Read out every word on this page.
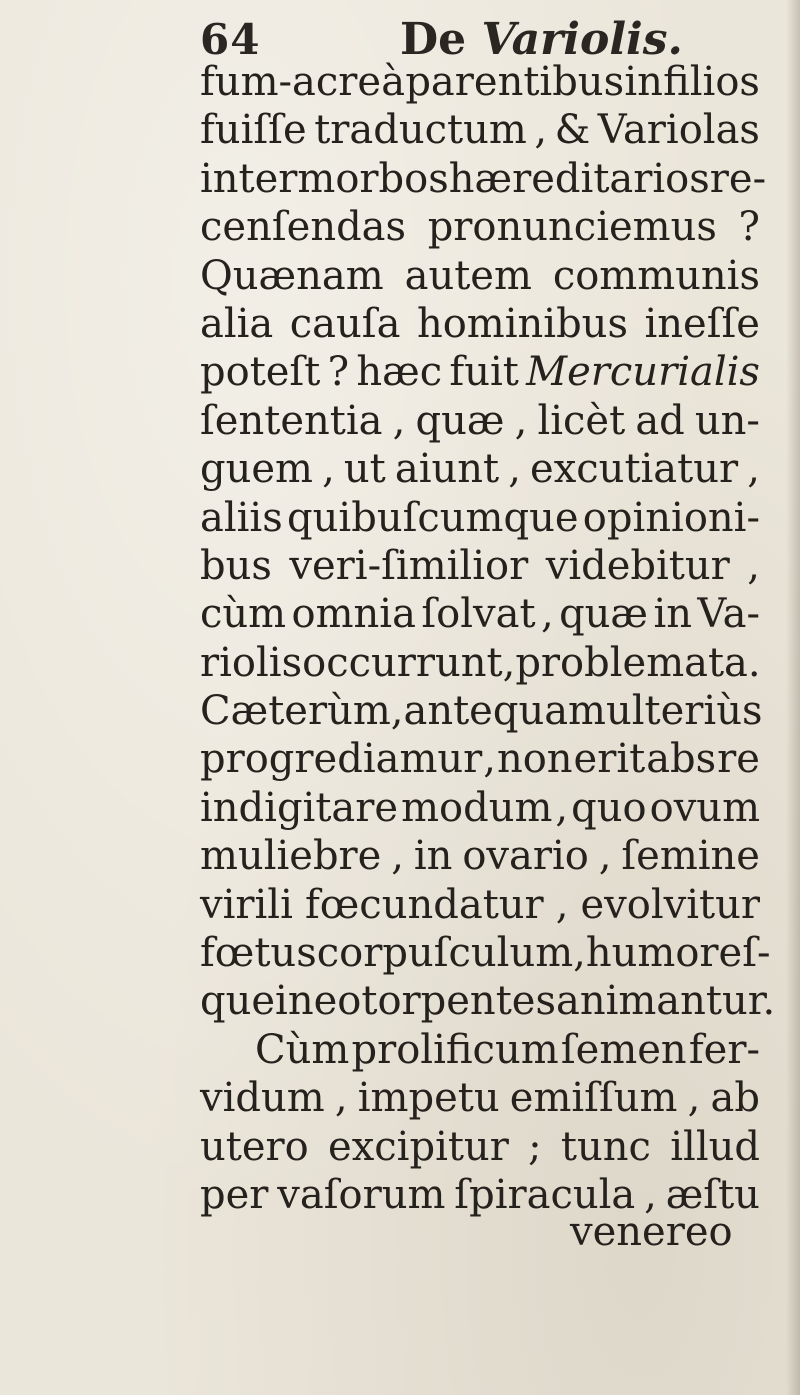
64	De Variolis.
fum-acre à parentibus in filios
fuiſſe traductum , & Variolas
inter morbos hæreditarios re-
cenſendas pronunciemus ?
Quænam autem communis
alia cauſa hominibus ineſſe
poteſt ? hæc fuit Mercurialis
ſententia , quæ , licèt ad un-
guem , ut aiunt , excutiatur ,
aliis quibuſcumque opinioni-
bus veri-ſimilior videbitur ,
cùm omnia ſolvat , quæ in Va-
riolis occurrunt , problemata.
Cæterùm , antequam ulteriùs
progrediamur , non erit abs re
indigitare modum , quo ovum
muliebre , in ovario , ſemine
virili fœcundatur , evolvitur
fœtus corpuſculum , humoreſ-
que in eo torpentes animantur.
Cùm prolificum ſemen fer-
vidum , impetu emiſſum , ab
utero excipitur ; tunc illud
per vaſorum ſpiracula , æſtu
venereo
